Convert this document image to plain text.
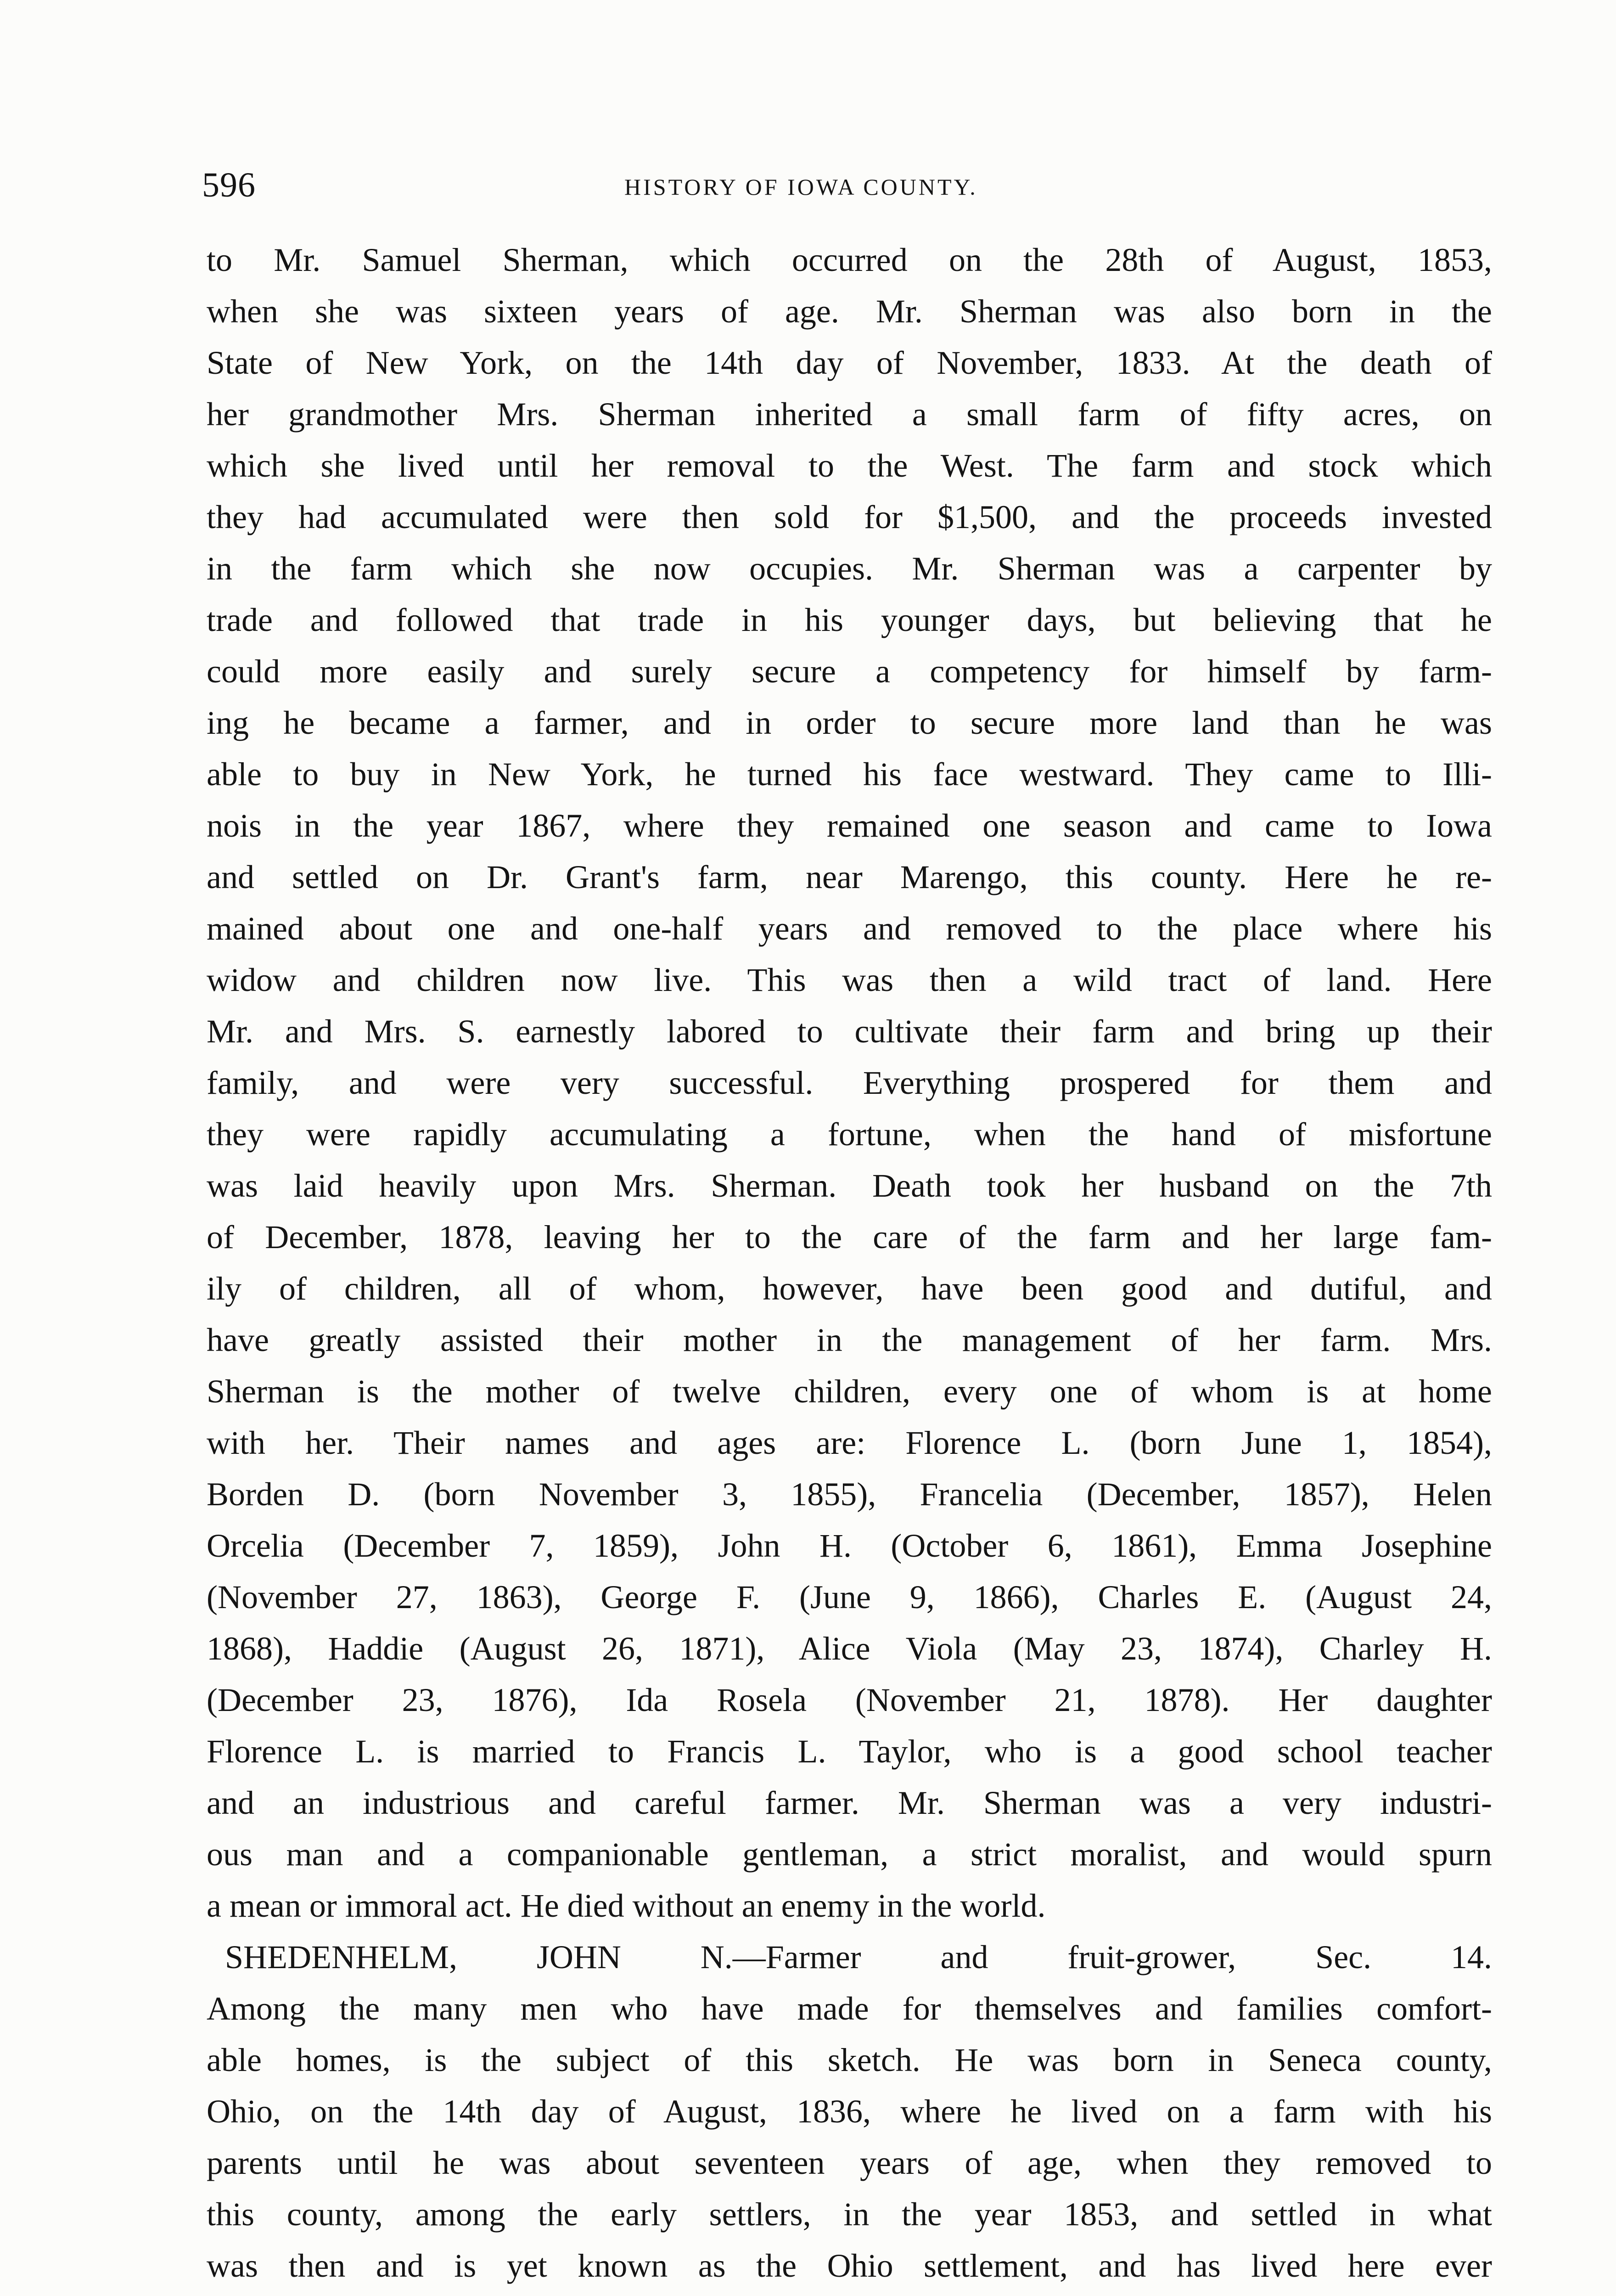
596	HISTORY OF IOWA COUNTY.
to Mr. Samuel Sherman, which occurred on the 28th of August, 1853,
when she was sixteen years of age. Mr. Sherman was also born in the
State of New York, on the 14th day of November, 1833. At the death of
her grandmother Mrs. Sherman inherited a small farm of fifty acres, on
which she lived until her removal to the West. The farm and stock which
they had accumulated were then sold for $1,500, and the proceeds invested
in the farm which she now occupies. Mr. Sherman was a carpenter by
trade and followed that trade in his younger days, but believing that he
could more easily and surely secure a competency for himself by farm-
ing he became a farmer, and in order to secure more land than he was
able to buy in New York, he turned his face westward. They came to Illi-
nois in the year 1867, where they remained one season and came to Iowa
and settled on Dr. Grant's farm, near Marengo, this county. Here he re-
mained about one and one-half years and removed to the place where his
widow and children now live. This was then a wild tract of land. Here
Mr. and Mrs. S. earnestly labored to cultivate their farm and bring up their
family, and were very successful. Everything prospered for them and
they were rapidly accumulating a fortune, when the hand of misfortune
was laid heavily upon Mrs. Sherman. Death took her husband on the 7th
of December, 1878, leaving her to the care of the farm and her large fam-
ily of children, all of whom, however, have been good and dutiful, and
have greatly assisted their mother in the management of her farm. Mrs.
Sherman is the mother of twelve children, every one of whom is at home
with her. Their names and ages are: Florence L. (born June 1, 1854),
Borden D. (born November 3, 1855), Francelia (December, 1857), Helen
Orcelia (December 7, 1859), John H. (October 6, 1861), Emma Josephine
(November 27, 1863), George F. (June 9, 1866), Charles E. (August 24,
1868), Haddie (August 26, 1871), Alice Viola (May 23, 1874), Charley H.
(December 23, 1876), Ida Rosela (November 21, 1878). Her daughter
Florence L. is married to Francis L. Taylor, who is a good school teacher
and an industrious and careful farmer. Mr. Sherman was a very industri-
ous man and a companionable gentleman, a strict moralist, and would spurn
a mean or immoral act. He died without an enemy in the world.
SHEDENHELM, JOHN N.—Farmer and fruit-grower, Sec. 14.
Among the many men who have made for themselves and families comfort-
able homes, is the subject of this sketch. He was born in Seneca county,
Ohio, on the 14th day of August, 1836, where he lived on a farm with his
parents until he was about seventeen years of age, when they removed to
this county, among the early settlers, in the year 1853, and settled in what
was then and is yet known as the Ohio settlement, and has lived here ever
